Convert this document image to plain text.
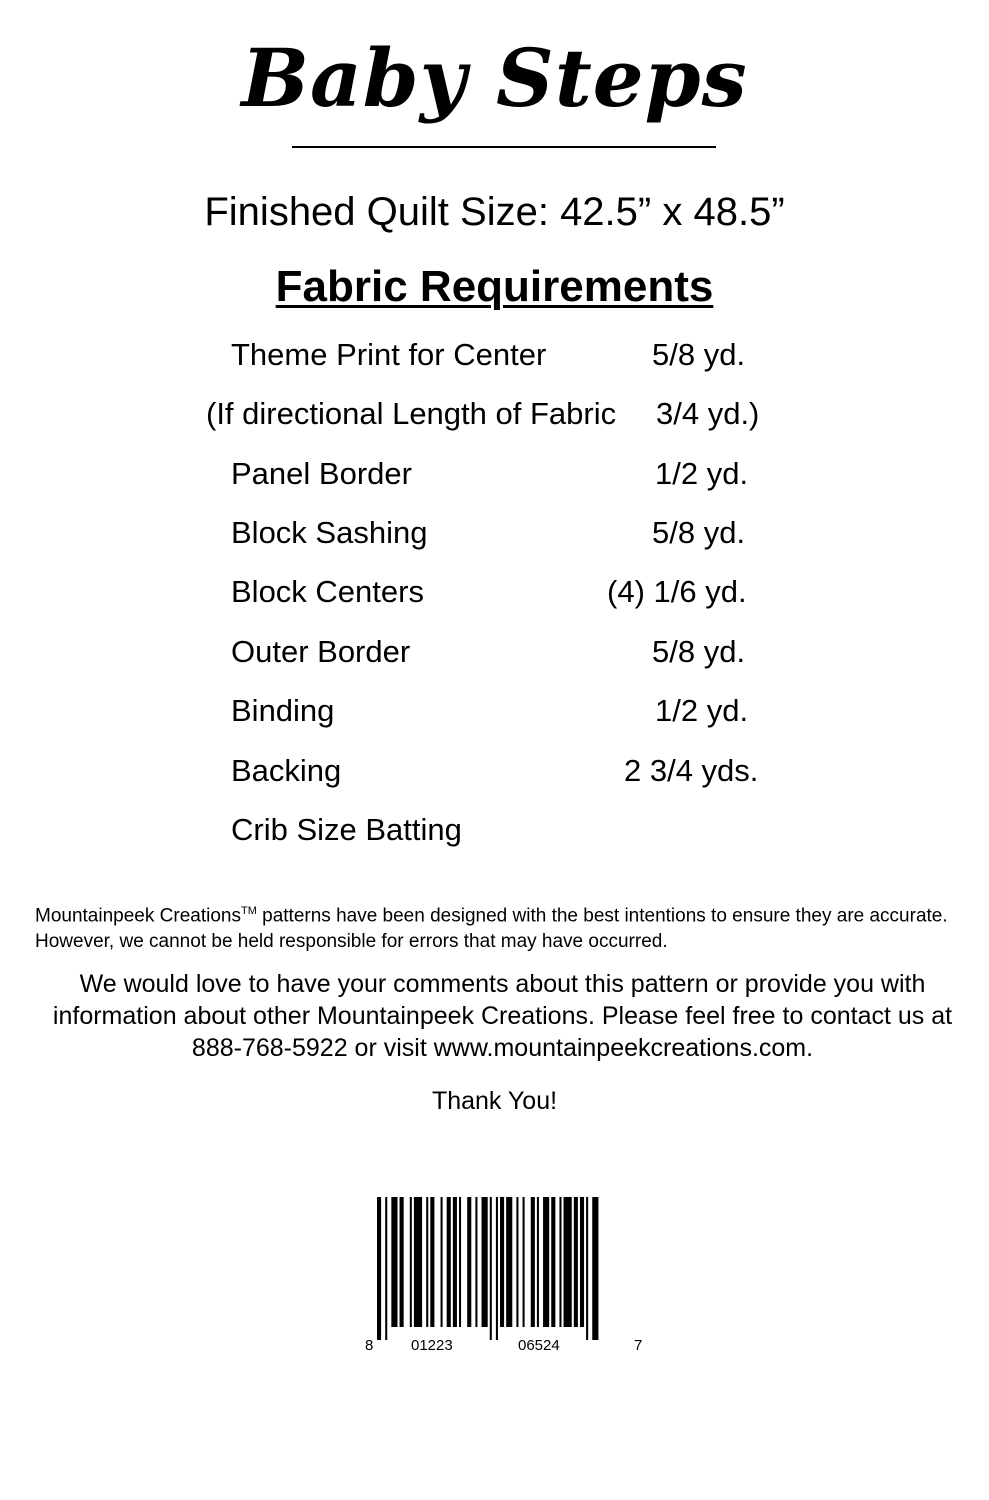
Baby Steps
Finished Quilt Size: 42.5” x 48.5”
Fabric Requirements
Theme Print for Center	5/8 yd.
(If directional Length of Fabric 3/4 yd.)
Panel Border	1/2 yd.
Block Sashing	5/8 yd.
Block Centers	(4) 1/6 yd.
Outer Border	5/8 yd.
Binding	1/2 yd.
Backing	2 3/4 yds.
Crib Size Batting
Mountainpeek Creations™ patterns have been designed with the best intentions to ensure they are accurate. However, we cannot be held responsible for errors that may have occurred.
We would love to have your comments about this pattern or provide you with information about other Mountainpeek Creations. Please feel free to contact us at 888-768-5922 or visit www.mountainpeekcreations.com.
Thank You!
8	01223	06524	7
